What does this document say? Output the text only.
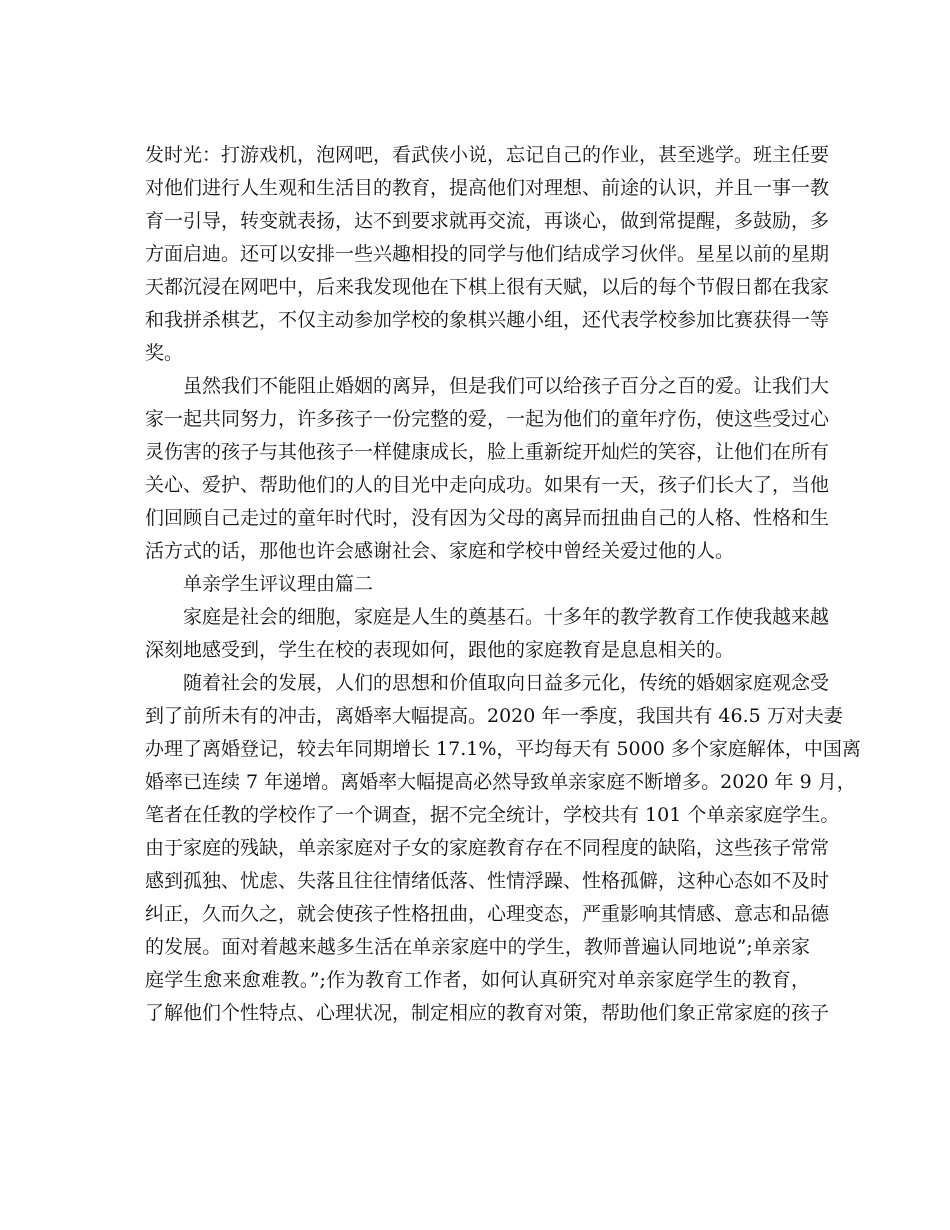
发时光：打游戏机，泡网吧，看武侠小说，忘记自己的作业，甚至逃学。班主任要
对他们进行人生观和生活目的教育，提高他们对理想、前途的认识，并且一事一教
育一引导，转变就表扬，达不到要求就再交流，再谈心，做到常提醒，多鼓励，多
方面启迪。还可以安排一些兴趣相投的同学与他们结成学习伙伴。星星以前的星期
天都沉浸在网吧中，后来我发现他在下棋上很有天赋，以后的每个节假日都在我家
和我拼杀棋艺，不仅主动参加学校的象棋兴趣小组，还代表学校参加比赛获得一等
奖。
虽然我们不能阻止婚姻的离异，但是我们可以给孩子百分之百的爱。让我们大
家一起共同努力，许多孩子一份完整的爱，一起为他们的童年疗伤，使这些受过心
灵伤害的孩子与其他孩子一样健康成长，脸上重新绽开灿烂的笑容，让他们在所有
关心、爱护、帮助他们的人的目光中走向成功。如果有一天，孩子们长大了，当他
们回顾自己走过的童年时代时，没有因为父母的离异而扭曲自己的人格、性格和生
活方式的话，那他也许会感谢社会、家庭和学校中曾经关爱过他的人。
单亲学生评议理由篇二
家庭是社会的细胞，家庭是人生的奠基石。十多年的教学教育工作使我越来越
深刻地感受到，学生在校的表现如何，跟他的家庭教育是息息相关的。
随着社会的发展，人们的思想和价值取向日益多元化，传统的婚姻家庭观念受
到了前所未有的冲击，离婚率大幅提高。2020 年一季度，我国共有 46.5 万对夫妻
办理了离婚登记，较去年同期增长 17.1%，平均每天有 5000 多个家庭解体，中国离
婚率已连续 7 年递增。离婚率大幅提高必然导致单亲家庭不断增多。2020 年 9 月，
笔者在任教的学校作了一个调查，据不完全统计，学校共有 101 个单亲家庭学生。
由于家庭的残缺，单亲家庭对子女的家庭教育存在不同程度的缺陷，这些孩子常常
感到孤独、忧虑、失落且往往情绪低落、性情浮躁、性格孤僻，这种心态如不及时
纠正，久而久之，就会使孩子性格扭曲，心理变态，严重影响其情感、意志和品德
的发展。面对着越来越多生活在单亲家庭中的学生，教师普遍认同地说”;单亲家
庭学生愈来愈难教。”;作为教育工作者，如何认真研究对单亲家庭学生的教育，
了解他们个性特点、心理状况，制定相应的教育对策，帮助他们象正常家庭的孩子
